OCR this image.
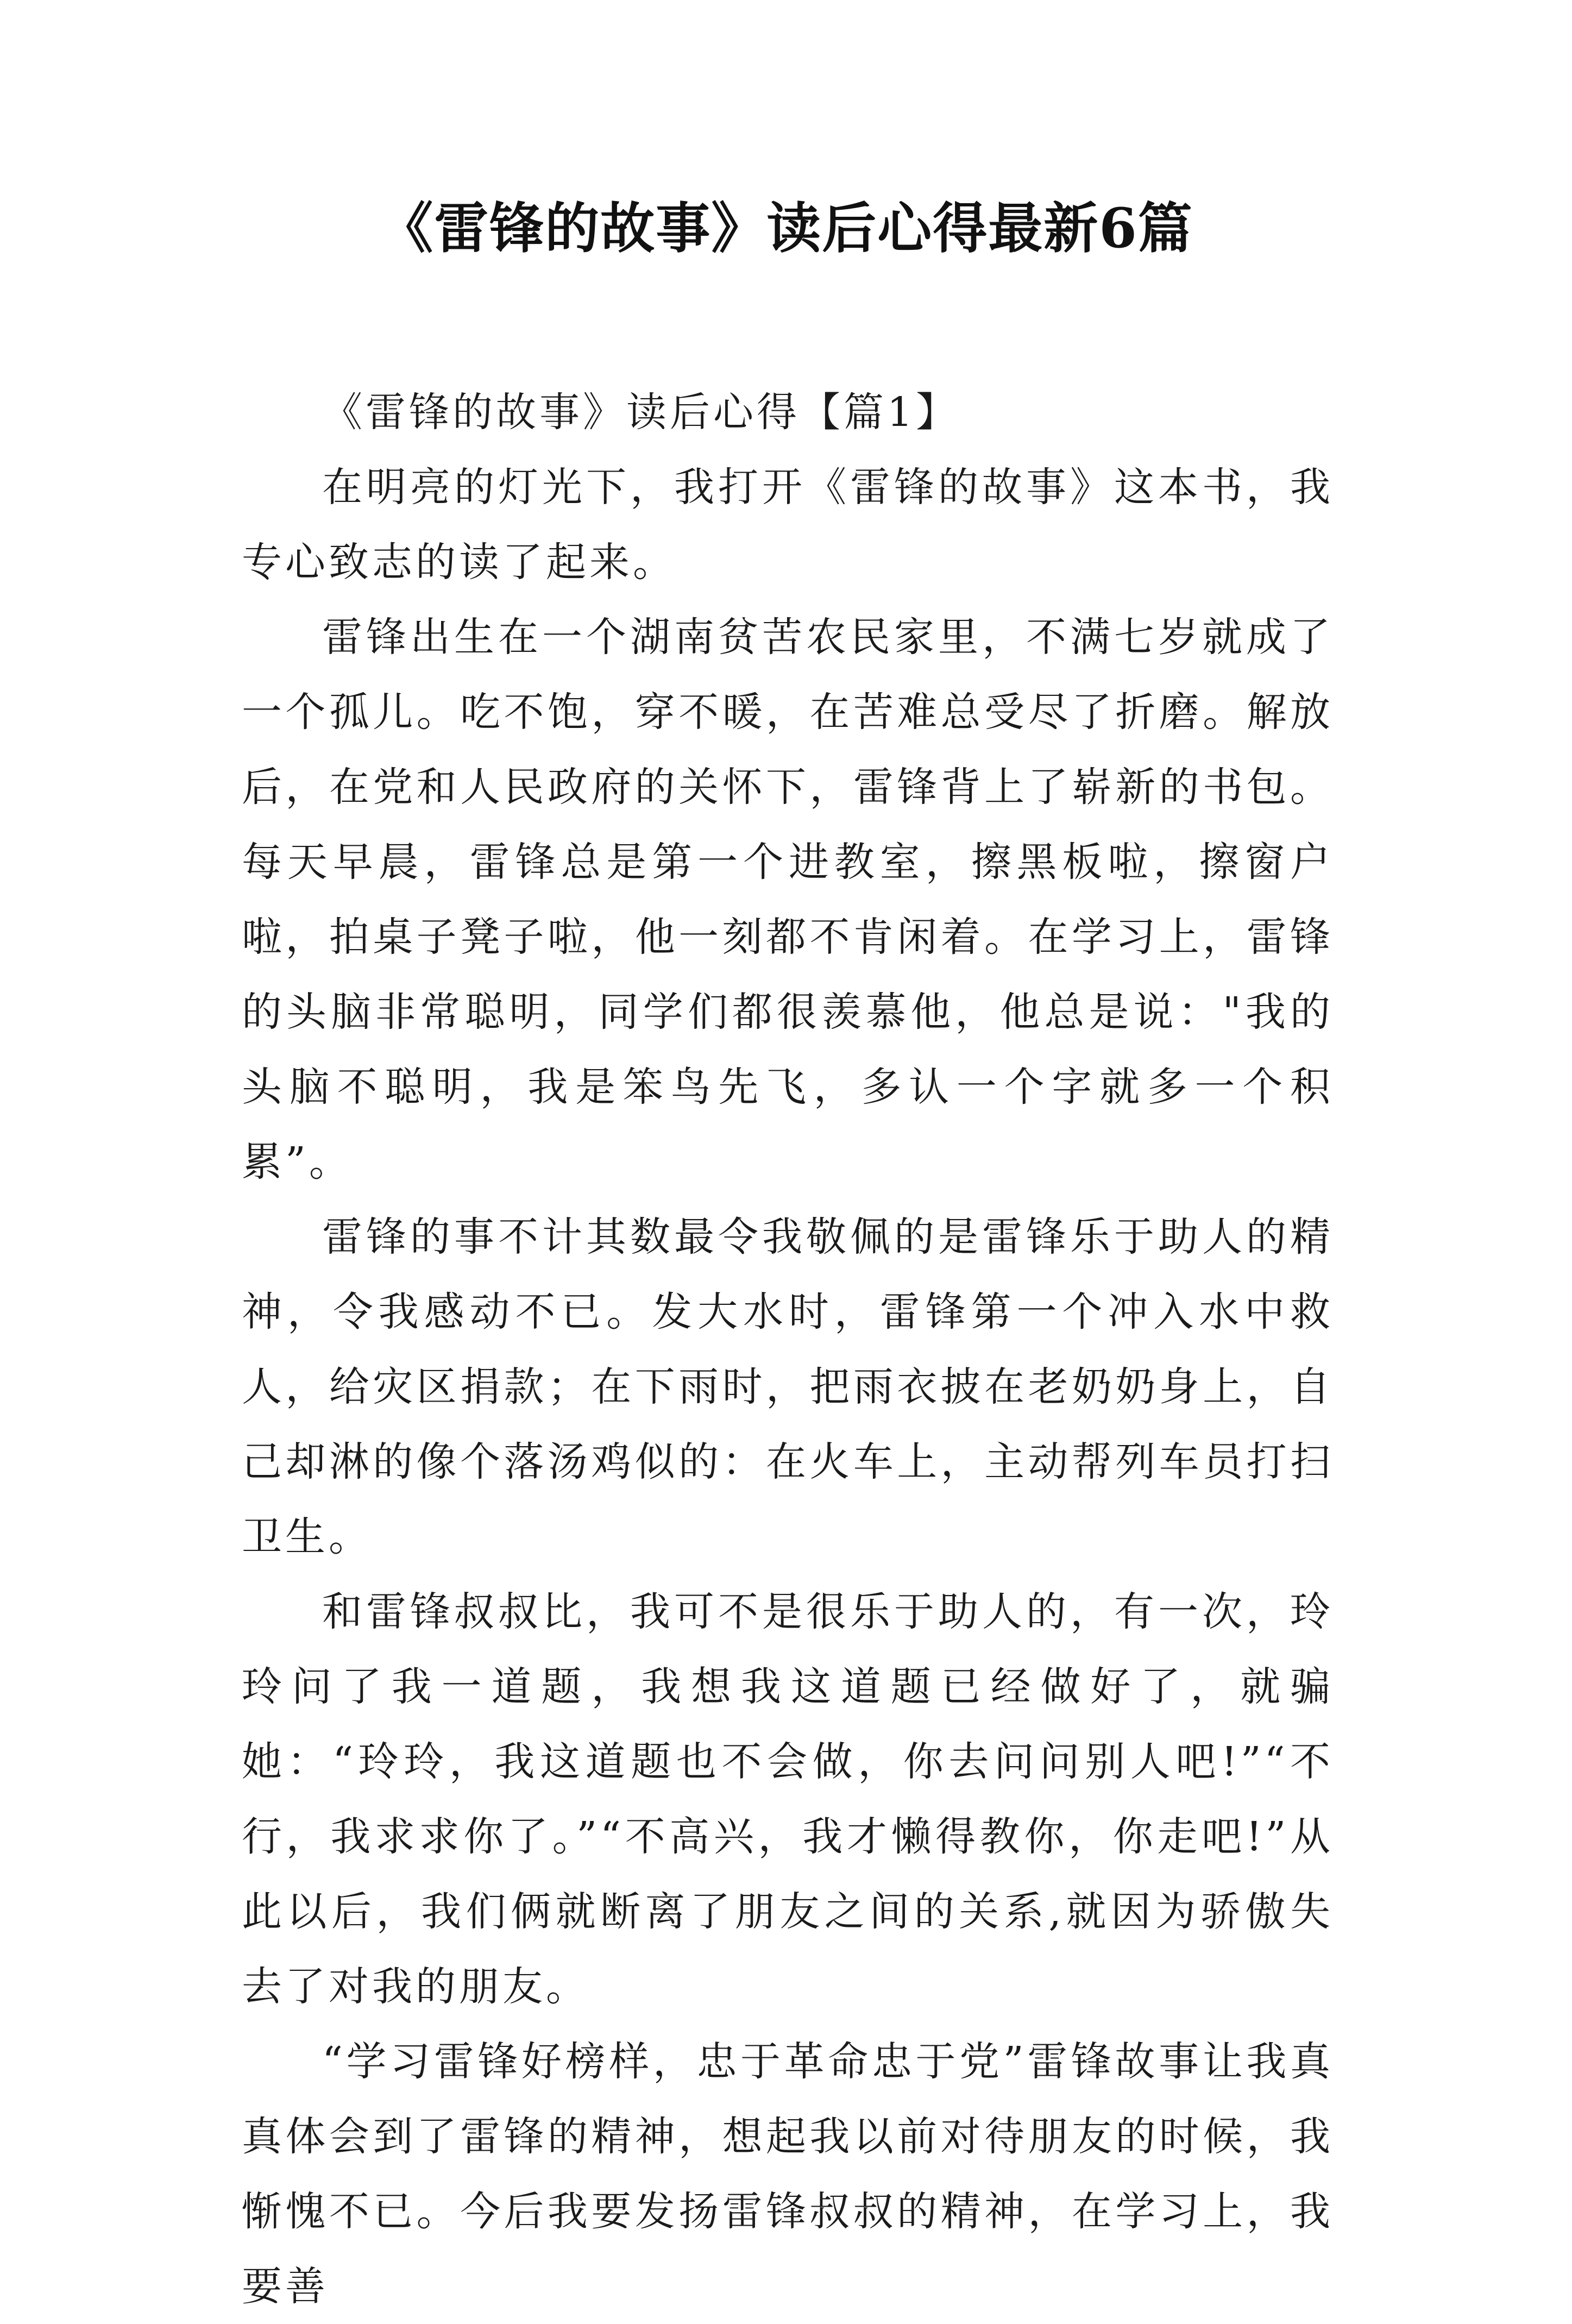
《雷锋的故事》读后心得最新6篇

《雷锋的故事》读后心得【篇1】

在明亮的灯光下，我打开《雷锋的故事》这本书，我专心致志的读了起来。

雷锋出生在一个湖南贫苦农民家里，不满七岁就成了一个孤儿。吃不饱，穿不暖，在苦难总受尽了折磨。解放后，在党和人民政府的关怀下，雷锋背上了崭新的书包。每天早晨，雷锋总是第一个进教室，擦黑板啦，擦窗户啦，拍桌子凳子啦，他一刻都不肯闲着。在学习上，雷锋的头脑非常聪明，同学们都很羡慕他，他总是说："我的头脑不聪明，我是笨鸟先飞，多认一个字就多一个积累”。

雷锋的事不计其数最令我敬佩的是雷锋乐于助人的精神，令我感动不已。发大水时，雷锋第一个冲入水中救人，给灾区捐款；在下雨时，把雨衣披在老奶奶身上，自己却淋的像个落汤鸡似的：在火车上，主动帮列车员打扫卫生。

和雷锋叔叔比，我可不是很乐于助人的，有一次，玲玲问了我一道题，我想我这道题已经做好了，就骗她：“玲玲，我这道题也不会做，你去问问别人吧!”“不行，我求求你了。”“不高兴，我才懒得教你，你走吧!”从此以后，我们俩就断离了朋友之间的关系,就因为骄傲失去了对我的朋友。

“学习雷锋好榜样，忠于革命忠于党”雷锋故事让我真真体会到了雷锋的精神，想起我以前对待朋友的时候，我惭愧不已。今后我要发扬雷锋叔叔的精神，在学习上，我要善
